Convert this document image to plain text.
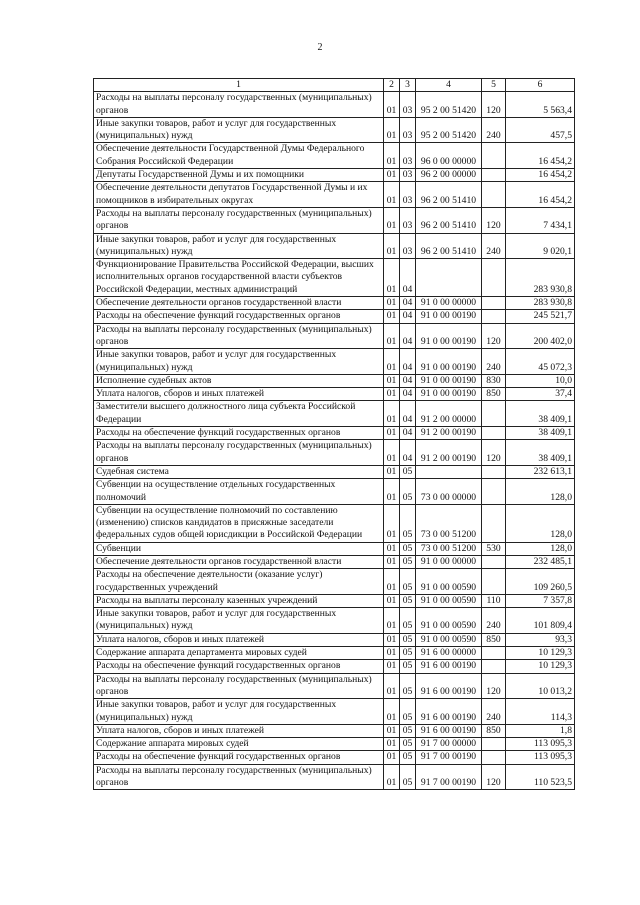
2
1	2	3	4	5	6
Расходы на выплаты персоналу государственных (муниципальных) органов	01	03	95 2 00 51420	120	5 563,4
Иные закупки товаров, работ и услуг для государственных (муниципальных) нужд	01	03	95 2 00 51420	240	457,5
Обеспечение деятельности Государственной Думы Федерального Собрания Российской Федерации	01	03	96 0 00 00000		16 454,2
Депутаты Государственной Думы и их помощники	01	03	96 2 00 00000		16 454,2
Обеспечение деятельности депутатов Государственной Думы и их помощников в избирательных округах	01	03	96 2 00 51410		16 454,2
Расходы на выплаты персоналу государственных (муниципальных) органов	01	03	96 2 00 51410	120	7 434,1
Иные закупки товаров, работ и услуг для государственных (муниципальных) нужд	01	03	96 2 00 51410	240	9 020,1
Функционирование Правительства Российской Федерации, высших исполнительных органов государственной власти субъектов Российской Федерации, местных администраций	01	04			283 930,8
Обеспечение деятельности органов государственной власти	01	04	91 0 00 00000		283 930,8
Расходы на обеспечение функций государственных органов	01	04	91 0 00 00190		245 521,7
Расходы на выплаты персоналу государственных (муниципальных) органов	01	04	91 0 00 00190	120	200 402,0
Иные закупки товаров, работ и услуг для государственных (муниципальных) нужд	01	04	91 0 00 00190	240	45 072,3
Исполнение судебных актов	01	04	91 0 00 00190	830	10,0
Уплата налогов, сборов и иных платежей	01	04	91 0 00 00190	850	37,4
Заместители высшего должностного лица субъекта Российской Федерации	01	04	91 2 00 00000		38 409,1
Расходы на обеспечение функций государственных органов	01	04	91 2 00 00190		38 409,1
Расходы на выплаты персоналу государственных (муниципальных) органов	01	04	91 2 00 00190	120	38 409,1
Судебная система	01	05			232 613,1
Субвенции на осуществление отдельных государственных полномочий	01	05	73 0 00 00000		128,0
Субвенции на осуществление полномочий по составлению (изменению) списков кандидатов в присяжные заседатели федеральных судов общей юрисдикции в Российской Федерации	01	05	73 0 00 51200		128,0
Субвенции	01	05	73 0 00 51200	530	128,0
Обеспечение деятельности органов государственной власти	01	05	91 0 00 00000		232 485,1
Расходы на обеспечение деятельности (оказание услуг) государственных учреждений	01	05	91 0 00 00590		109 260,5
Расходы на выплаты персоналу казенных учреждений	01	05	91 0 00 00590	110	7 357,8
Иные закупки товаров, работ и услуг для государственных (муниципальных) нужд	01	05	91 0 00 00590	240	101 809,4
Уплата налогов, сборов и иных платежей	01	05	91 0 00 00590	850	93,3
Содержание аппарата департамента мировых судей	01	05	91 6 00 00000		10 129,3
Расходы на обеспечение функций государственных органов	01	05	91 6 00 00190		10 129,3
Расходы на выплаты персоналу государственных (муниципальных) органов	01	05	91 6 00 00190	120	10 013,2
Иные закупки товаров, работ и услуг для государственных (муниципальных) нужд	01	05	91 6 00 00190	240	114,3
Уплата налогов, сборов и иных платежей	01	05	91 6 00 00190	850	1,8
Содержание аппарата мировых судей	01	05	91 7 00 00000		113 095,3
Расходы на обеспечение функций государственных органов	01	05	91 7 00 00190		113 095,3
Расходы на выплаты персоналу государственных (муниципальных) органов	01	05	91 7 00 00190	120	110 523,5
